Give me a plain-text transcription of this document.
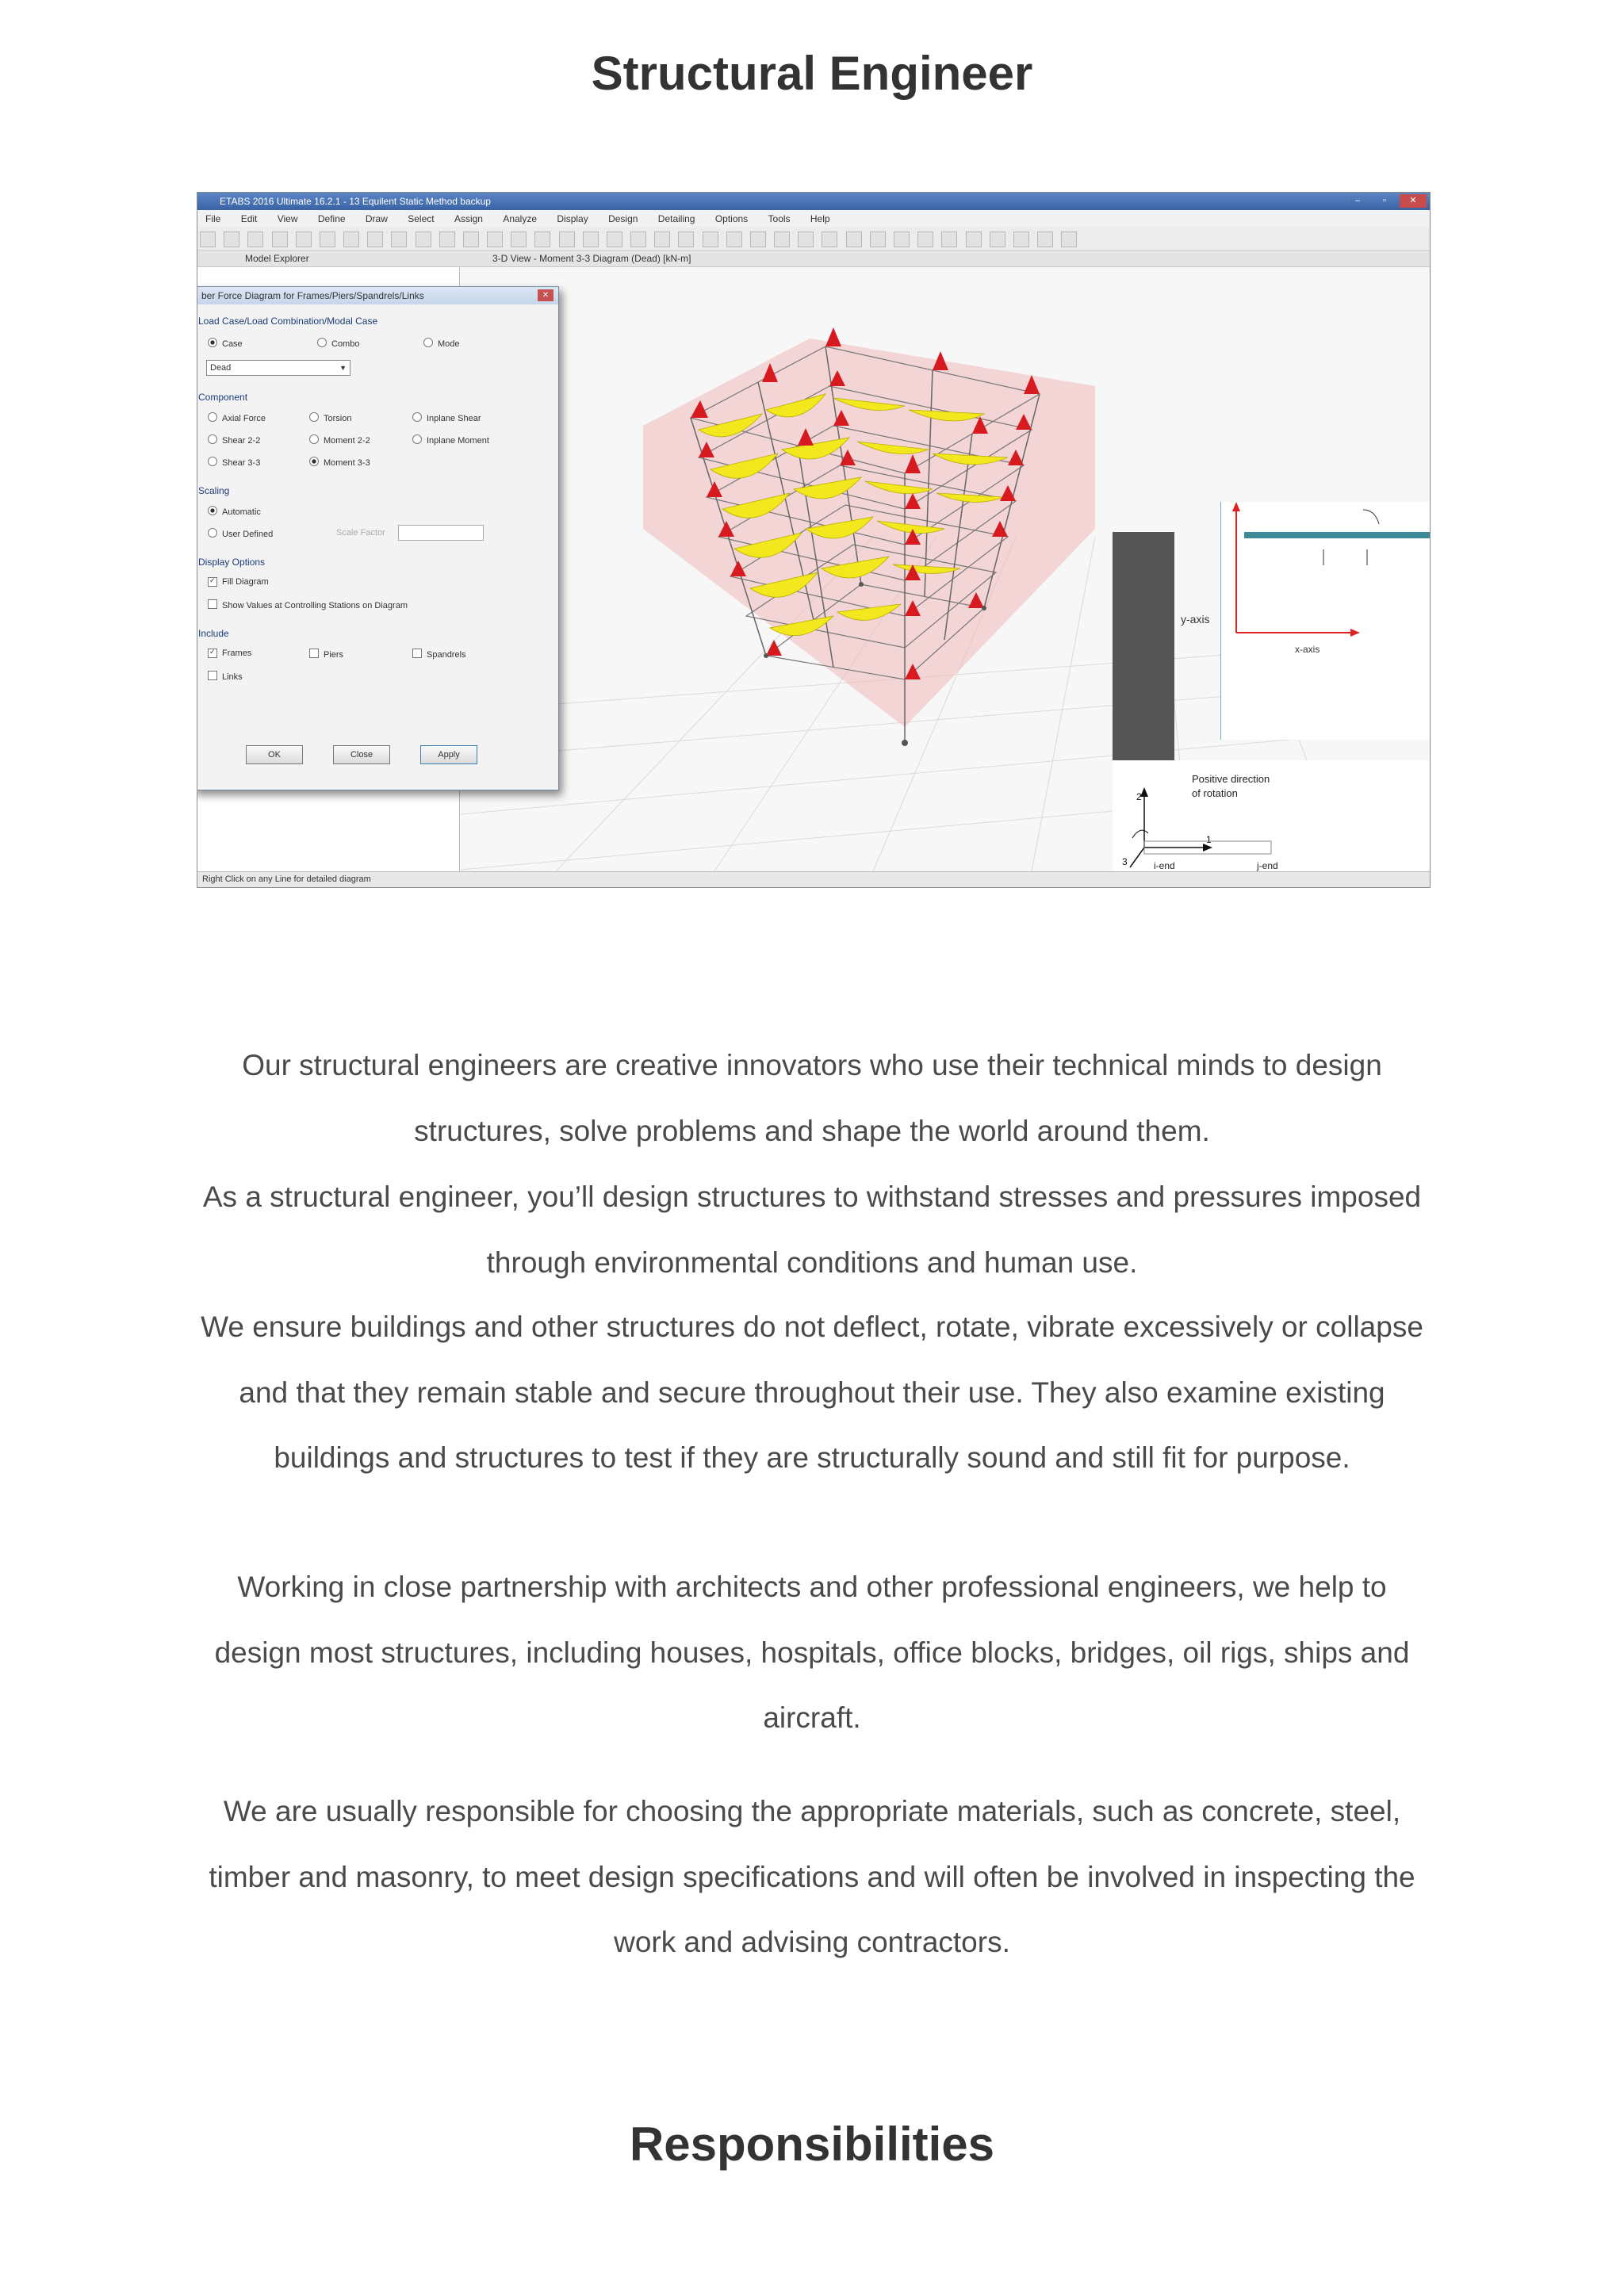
Structural Engineer
ETABS 2016 Ultimate 16.2.1 - 13 Equilent Static Method backup	–	▫	✕
File Edit View Define Draw Select Assign Analyze Display Design Detailing Options Tools Help

Model Explorer	3-D View - Moment 3-3 Diagram (Dead) [kN-m]
x-axis
y-axis
2
1
3
Positive direction
of rotation
i-end	j-end
ber Force Diagram for Frames/Piers/Spandrels/Links	✕
Load Case/Load Combination/Modal Case
Case	Combo	Mode
Dead	▼
Component
Axial Force	Torsion	Inplane Shear
Shear 2-2	Moment 2-2	Inplane Moment
Shear 3-3	Moment 3-3
Scaling
Automatic
User Defined	Scale Factor
Display Options
✓Fill Diagram
Show Values at Controlling Stations on Diagram
Include
✓Frames	Piers	Spandrels
Links
OK	Close	Apply
Right Click on any Line for detailed diagram

Our structural engineers are creative innovators who use their technical minds to design structures, solve problems and shape the world around them.

As a structural engineer, you’ll design structures to withstand stresses and pressures imposed through environmental conditions and human use.

We ensure buildings and other structures do not deflect, rotate, vibrate excessively or collapse and that they remain stable and secure throughout their use. They also examine existing buildings and structures to test if they are structurally sound and still fit for purpose.

Working in close partnership with architects and other professional engineers, we help to design most structures, including houses, hospitals, office blocks, bridges, oil rigs, ships and aircraft.

We are usually responsible for choosing the appropriate materials, such as concrete, steel, timber and masonry, to meet design specifications and will often be involved in inspecting the work and advising contractors.

Responsibilities
